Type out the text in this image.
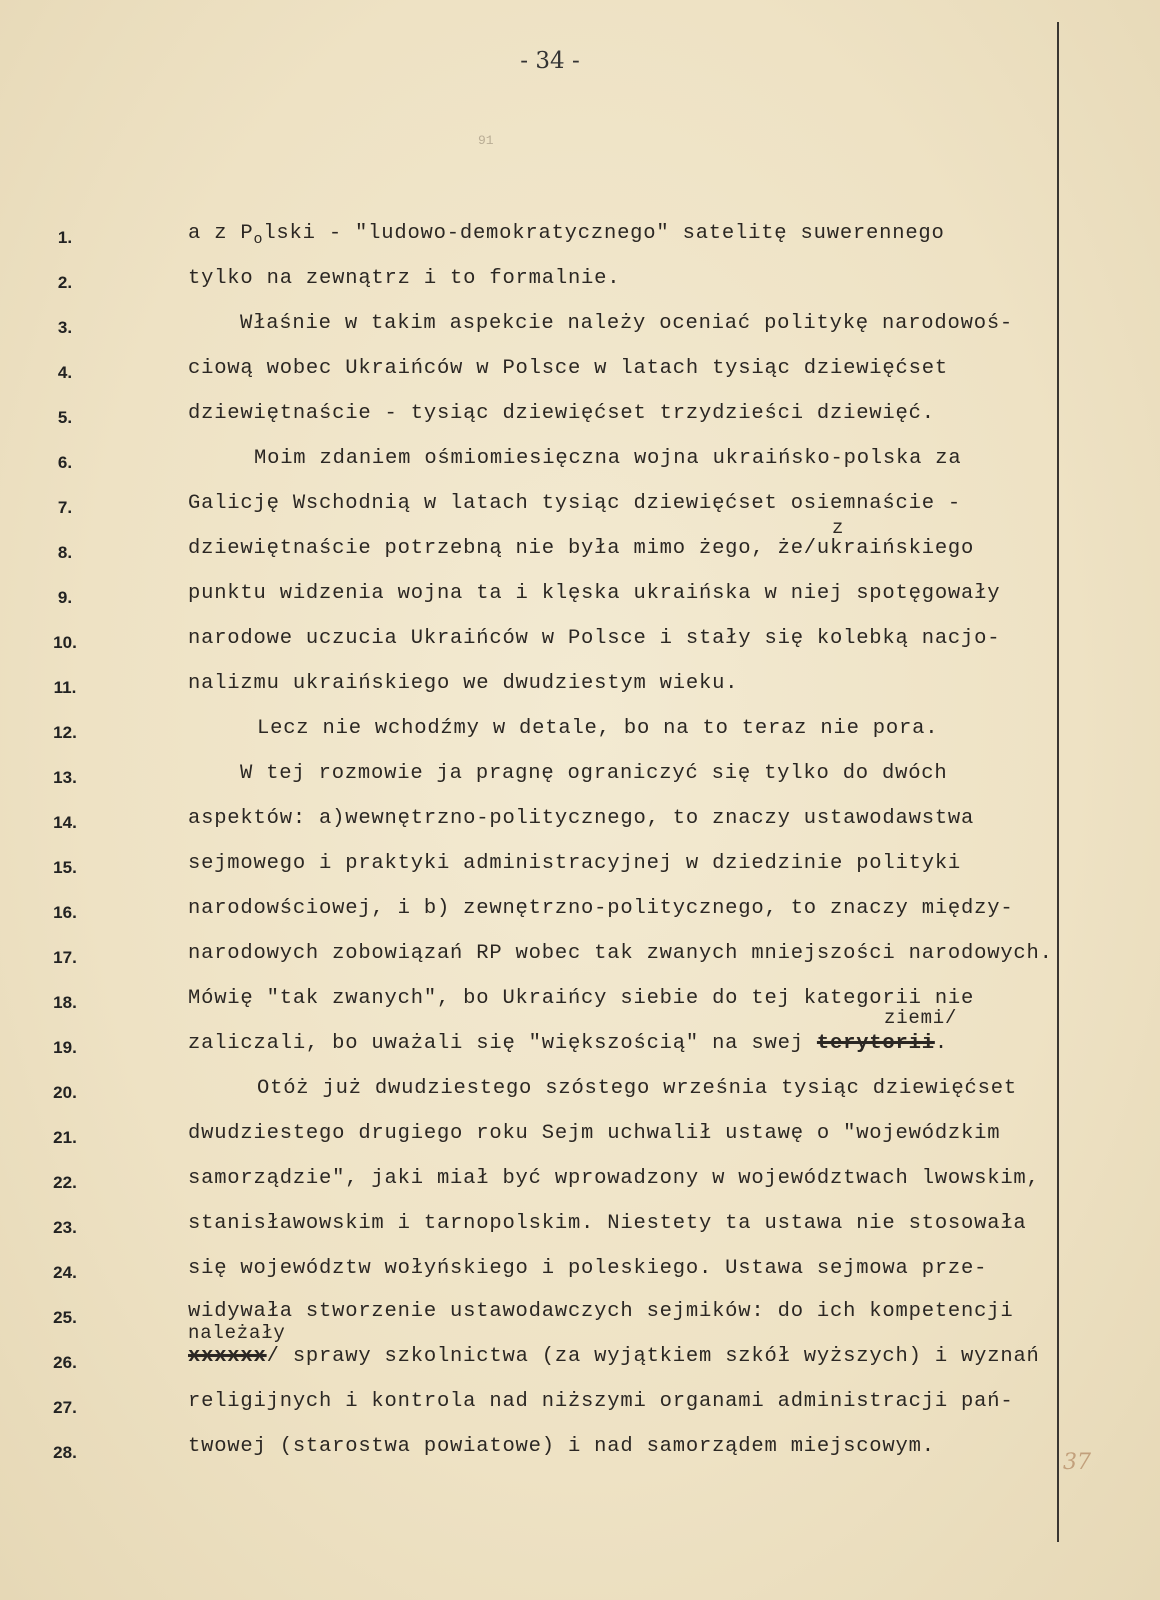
- 34 -
91
1.
2.
3.
4.
5.
6.
7.
8.
9.
10.
11.
12.
13.
14.
15.
16.
17.
18.
19.
20.
21.
22.
23.
24.
25.
26.
27.
28.
a z $P_olski$ - "ludowo-demokratycznego" satelitę suwerennego
tylko na zewnątrz i to formalnie.
Właśnie w takim aspekcie należy oceniać politykę narodowoś-
ciową wobec Ukraińców w Polsce w latach tysiąc dziewięćset
dziewiętnaście - tysiąc dziewięćset trzydzieści dziewięć.
Moim zdaniem ośmiomiesięczna wojna ukraińsko-polska za
Galicję Wschodnią w latach tysiąc dziewięćset osiemnaście -
z
dziewiętnaście potrzebną nie była mimo żego, że/ukraińskiego
punktu widzenia wojna ta i klęska ukraińska w niej spotęgowały
narodowe uczucia Ukraińców w Polsce i stały się kolebką nacjo-
nalizmu ukraińskiego we dwudziestym wieku.
Lecz nie wchodźmy w detale, bo na to teraz nie pora.
W tej rozmowie ja pragnę ograniczyć się tylko do dwóch
aspektów: a)wewnętrzno-politycznego, to znaczy ustawodawstwa
sejmowego i praktyki administracyjnej w dziedzinie polityki
narodowściowej, i b) zewnętrzno-politycznego, to znaczy między-
narodowych zobowiązań RP wobec tak zwanych mniejszości narodowych.
Mówię "tak zwanych", bo Ukraińcy siebie do tej kategorii nie
ziemi/
zaliczali, bo uważali się "większością" na swej terytorii.
Otóż już dwudziestego szóstego września tysiąc dziewięćset
dwudziestego drugiego roku Sejm uchwalił ustawę o "wojewódzkim
samorządzie", jaki miał być wprowadzony w województwach lwowskim,
stanisławowskim i tarnopolskim. Niestety ta ustawa nie stosowała
się województw wołyńskiego i poleskiego. Ustawa sejmowa prze-
widywała stworzenie ustawodawczych sejmików: do ich kompetencji
należały
xxxxxx/ sprawy szkolnictwa (za wyjątkiem szkół wyższych) i wyznań
religijnych i kontrola nad niższymi organami administracji pań-
twowej (starostwa powiatowe) i nad samorządem miejscowym.
37
